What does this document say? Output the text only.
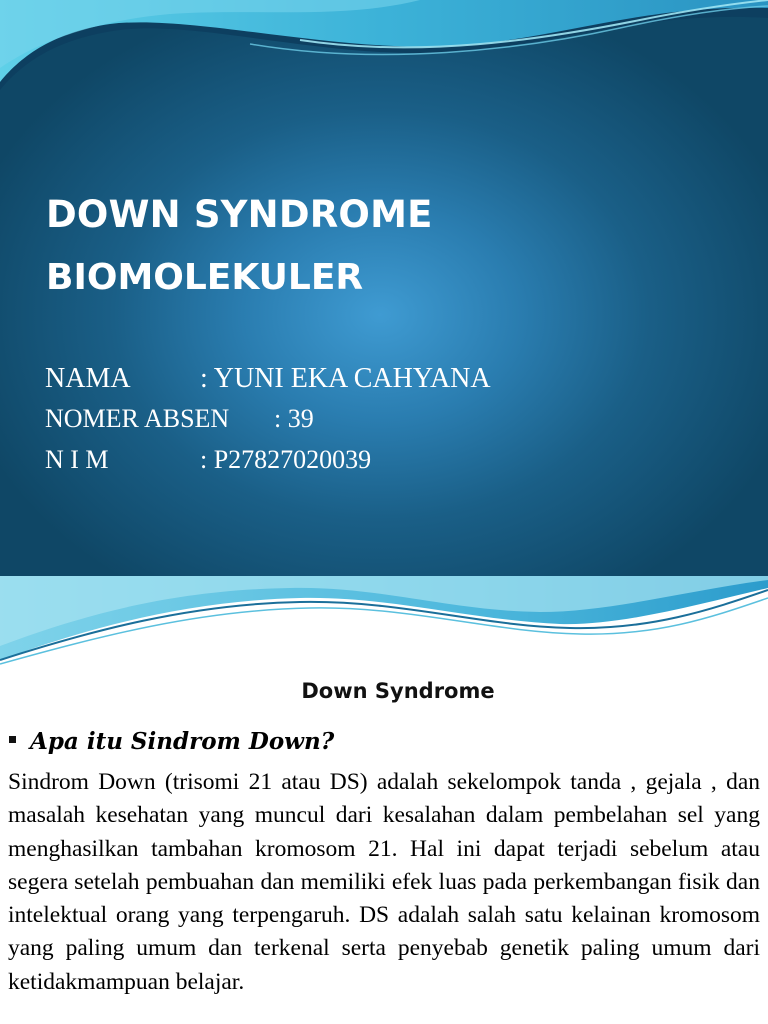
DOWN SYNDROME
BIOMOLEKULER
NAMA : YUNI EKA CAHYANA
NOMER ABSEN : 39
N I M	: P27827020039
Down Syndrome
Apa itu Sindrom Down?

Sindrom Down (trisomi 21 atau DS) adalah sekelompok tanda , gejala , dan masalah kesehatan yang muncul dari kesalahan dalam pembelahan sel yang menghasilkan tambahan kromosom 21. Hal ini dapat terjadi sebelum atau segera setelah pembuahan dan memiliki efek luas pada perkembangan fisik dan intelektual orang yang terpengaruh. DS adalah salah satu kelainan kromosom yang paling umum dan terkenal serta penyebab genetik paling umum dari ketidakmampuan belajar.
